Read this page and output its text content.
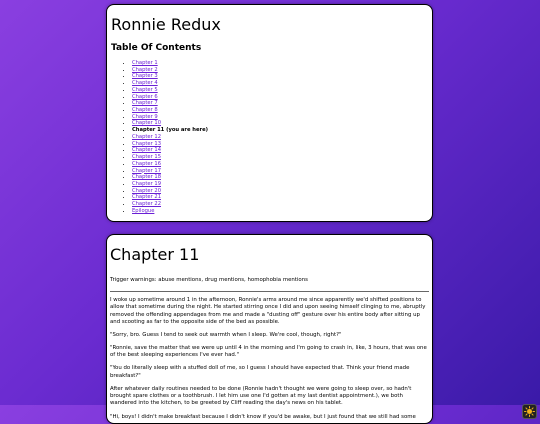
Ronnie Redux
Table Of Contents
• Chapter 1
• Chapter 2
• Chapter 3
• Chapter 4
• Chapter 5
• Chapter 6
• Chapter 7
• Chapter 8
• Chapter 9
• Chapter 10
• Chapter 11 (you are here)
• Chapter 12
• Chapter 13
• Chapter 14
• Chapter 15
• Chapter 16
• Chapter 17
• Chapter 18
• Chapter 19
• Chapter 20
• Chapter 21
• Chapter 22
• Epilogue
Chapter 11
Trigger warnings: abuse mentions, drug mentions, homophobia mentions

I woke up sometime around 1 in the afternoon, Ronnie's arms around me since apparently we'd shifted positions to allow that sometime during the night. He started stirring once I did and upon seeing himself clinging to me, abruptly removed the offending appendages from me and made a "dusting off" gesture over his entire body after sitting up and scooting as far to the opposite side of the bed as possible.

"Sorry, bro. Guess I tend to seek out warmth when I sleep. We're cool, though, right?"

"Ronnie, save the matter that we were up until 4 in the morning and I'm going to crash in, like, 3 hours, that was one of the best sleeping experiences I've ever had."

"You do literally sleep with a stuffed doll of me, so I guess I should have expected that. Think your friend made breakfast?"

After whatever daily routines needed to be done (Ronnie hadn't thought we were going to sleep over, so hadn't brought spare clothes or a toothbrush. I let him use one I'd gotten at my last dentist appointment.), we both wandered into the kitchen, to be greeted by Cliff reading the day's news on his tablet.

"Hi, boys! I didn't make breakfast because I didn't know if you'd be awake, but I just found that we still had some
